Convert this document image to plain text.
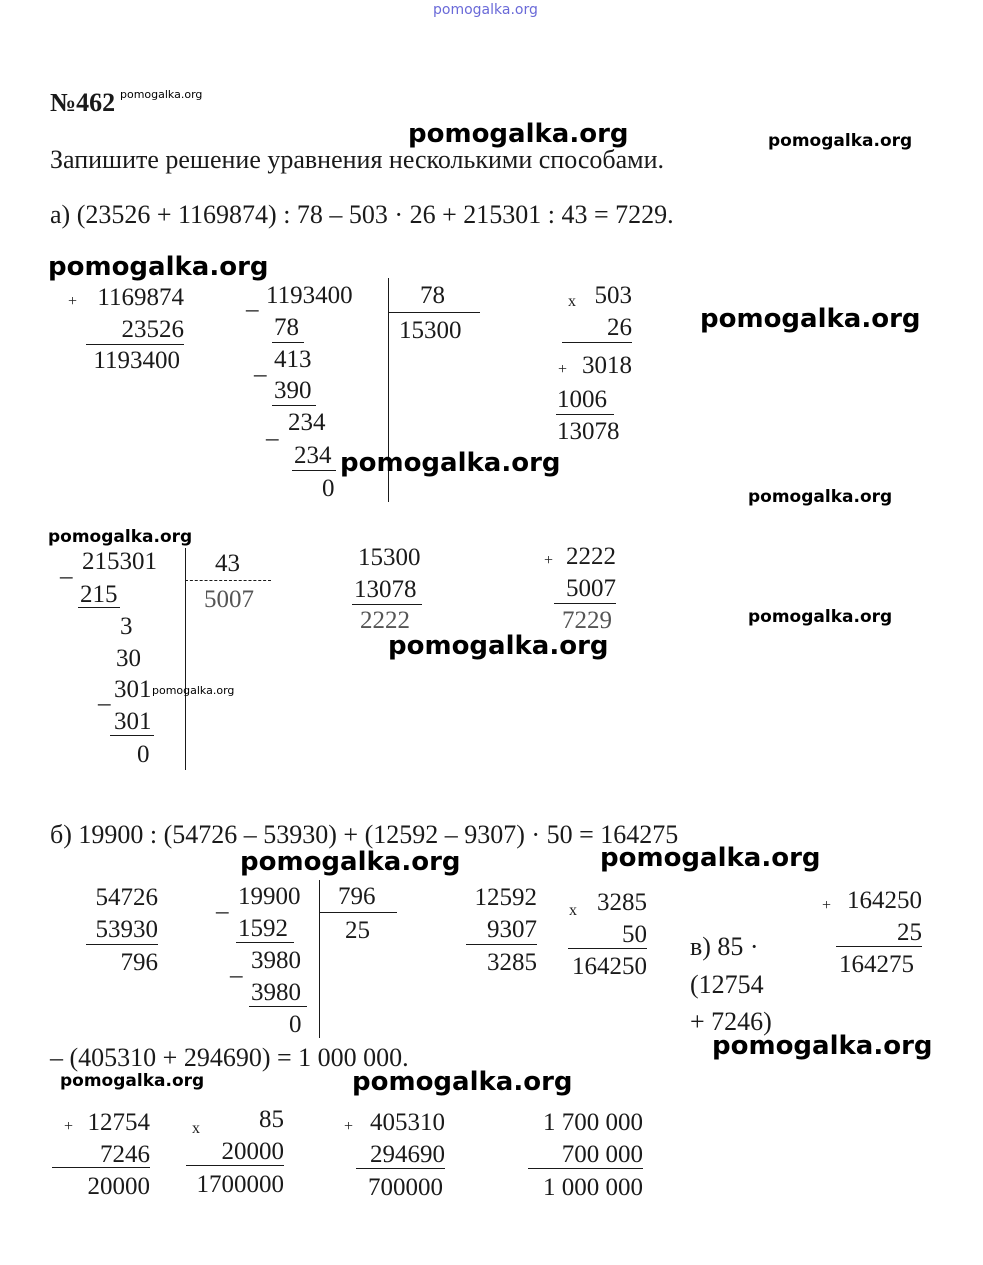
pomogalka.org
№462 pomogalka.org
pomogalka.org	pomogalka.org
Запишите решение уравнения несколькими способами.
а) (23526 + 1169874) : 78 – 503 · 26 + 215301 : 43 = 7229.
pomogalka.org
pomogalka.org
+ 1169874
23526
1193400
_ 1193400	78
15300
78
_ 413
390
_ 234
234
0
pomogalka.org
x 503
26
+ 3018
1006
13078
pomogalka.org
pomogalka.org
_ 215301 43
5007
215
3
30
_ 301 pomogalka.org
301
0
15300
13078
2222
+ 2222
5007
7229	pomogalka.org
pomogalka.org
б) 19900 : (54726 – 53930) + (12592 – 9307) · 50 = 164275
pomogalka.org	pomogalka.org
54726
53930
796
_ 19900 796
25
1592
_ 3980
3980
0
12592
9307
3285
x 3285
50
164250
+ 164250
25
164275
в) 85 ·
(12754
+ 7246)
pomogalka.org
– (405310 + 294690) = 1 000 000.
pomogalka.org	pomogalka.org
+ 12754
7246
20000
x	85
20000
1700000
+ 405310
294690
700000
1 700 000
700 000
1 000 000
